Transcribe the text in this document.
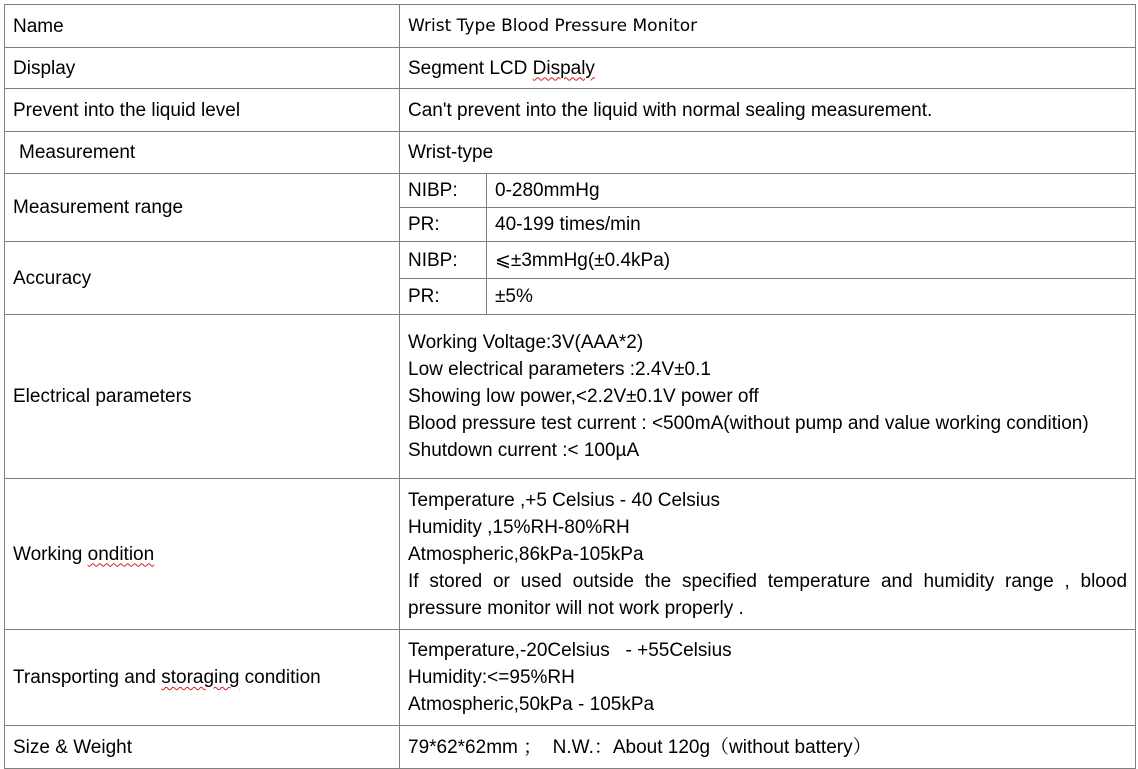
Name	Wrist Type Blood Pressure Monitor	
Display	Segment LCD Dispaly	
Prevent into the liquid level	Can't prevent into the liquid with normal sealing measurement.	
Measurement	Wrist-type	
Measurement range	NIBP:	0-280mmHg
	PR:	40-199 times/min
Accuracy	NIBP:	⩽±3mmHg(±0.4kPa)
	PR:	±5%
Electrical parameters	Working Voltage:3V(AAA*2)
Low electrical parameters :2.4V±0.1
Showing low power,<2.2V±0.1V power off
Blood pressure test current : <500mA(without pump and value working condition)
Shutdown current :< 100µA	

Working ondition	Temperature ,+5 Celsius - 40 Celsius
Humidity ,15%RH-80%RH
Atmospheric,86kPa-105kPa
If stored or used outside the specified temperature and humidity range , blood pressure monitor will not work properly .	

Transporting and storaging condition	Temperature,-20Celsius   - +55Celsius
Humidity:<=95%RH
Atmospheric,50kPa - 105kPa	

Size & Weight	79*62*62mm ；  N.W.：About 120g（without battery）	
